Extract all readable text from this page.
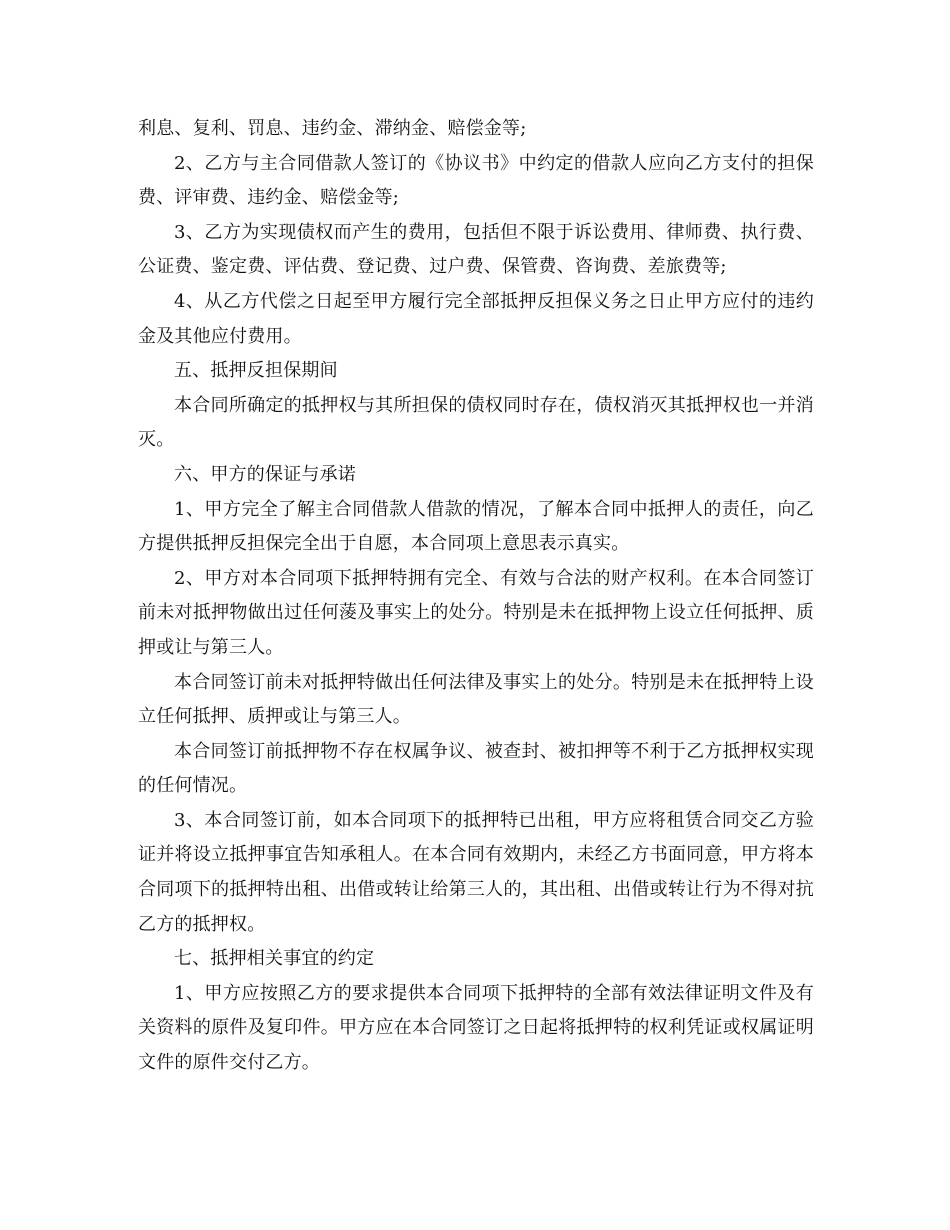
利息、复利、罚息、违约金、滞纳金、赔偿金等;

2、乙方与主合同借款人签订的《协议书》中约定的借款人应向乙方支付的担保费、评审费、违约金、赔偿金等;

3、乙方为实现债权而产生的费用，包括但不限于诉讼费用、律师费、执行费、公证费、鉴定费、评估费、登记费、过户费、保管费、咨询费、差旅费等;

4、从乙方代偿之日起至甲方履行完全部抵押反担保义务之日止甲方应付的违约金及其他应付费用。

五、抵押反担保期间

本合同所确定的抵押权与其所担保的债权同时存在，债权消灭其抵押权也一并消灭。

六、甲方的保证与承诺

1、甲方完全了解主合同借款人借款的情况，了解本合同中抵押人的责任，向乙方提供抵押反担保完全出于自愿，本合同项上意思表示真实。

2、甲方对本合同项下抵押特拥有完全、有效与合法的财产权利。在本合同签订前未对抵押物做出过任何蔆及事实上的处分。特别是未在抵押物上设立任何抵押、质押或让与第三人。

本合同签订前未对抵押特做出任何法律及事实上的处分。特别是未在抵押特上设立任何抵押、质押或让与第三人。

本合同签订前抵押物不存在权属争议、被查封、被扣押等不利于乙方抵押权实现的任何情况。

3、本合同签订前，如本合同项下的抵押特已出租，甲方应将租赁合同交乙方验证并将设立抵押事宜告知承租人。在本合同有效期内，未经乙方书面同意，甲方将本合同项下的抵押特出租、出借或转让给第三人的，其出租、出借或转让行为不得对抗乙方的抵押权。

七、抵押相关事宜的约定

1、甲方应按照乙方的要求提供本合同项下抵押特的全部有效法律证明文件及有关资料的原件及复印件。甲方应在本合同签订之日起将抵押特的权利凭证或权属证明文件的原件交付乙方。
